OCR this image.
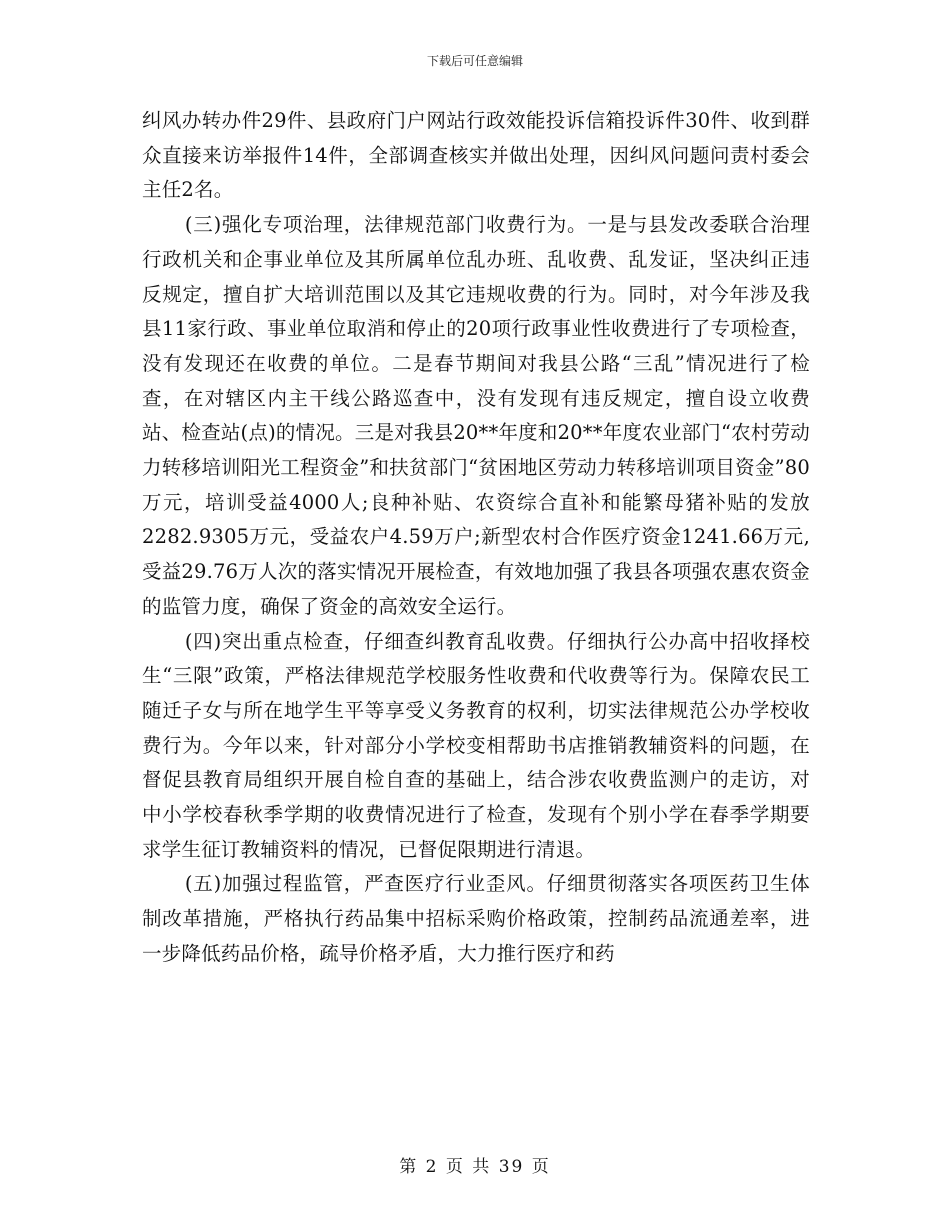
下载后可任意编辑

纠风办转办件29件、县政府门户网站行政效能投诉信箱投诉件30件、收到群众直接来访举报件14件，全部调查核实并做出处理，因纠风问题问责村委会主任2名。

(三)强化专项治理，法律规范部门收费行为。一是与县发改委联合治理行政机关和企事业单位及其所属单位乱办班、乱收费、乱发证，坚决纠正违反规定，擅自扩大培训范围以及其它违规收费的行为。同时，对今年涉及我县11家行政、事业单位取消和停止的20项行政事业性收费进行了专项检查，没有发现还在收费的单位。二是春节期间对我县公路“三乱”情况进行了检查，在对辖区内主干线公路巡查中，没有发现有违反规定，擅自设立收费站、检查站(点)的情况。三是对我县20**年度和20**年度农业部门“农村劳动力转移培训阳光工程资金”和扶贫部门“贫困地区劳动力转移培训项目资金”80万元，培训受益4000人;良种补贴、农资综合直补和能繁母猪补贴的发放2282.9305万元，受益农户4.59万户;新型农村合作医疗资金1241.66万元,受益29.76万人次的落实情况开展检查，有效地加强了我县各项强农惠农资金的监管力度，确保了资金的高效安全运行。

(四)突出重点检查，仔细查纠教育乱收费。仔细执行公办高中招收择校生“三限”政策，严格法律规范学校服务性收费和代收费等行为。保障农民工随迁子女与所在地学生平等享受义务教育的权利，切实法律规范公办学校收费行为。今年以来，针对部分小学校变相帮助书店推销教辅资料的问题，在督促县教育局组织开展自检自查的基础上，结合涉农收费监测户的走访，对中小学校春秋季学期的收费情况进行了检查，发现有个别小学在春季学期要求学生征订教辅资料的情况，已督促限期进行清退。

(五)加强过程监管，严查医疗行业歪风。仔细贯彻落实各项医药卫生体制改革措施，严格执行药品集中招标采购价格政策，控制药品流通差率，进一步降低药品价格，疏导价格矛盾，大力推行医疗和药

第 2 页 共 39 页
